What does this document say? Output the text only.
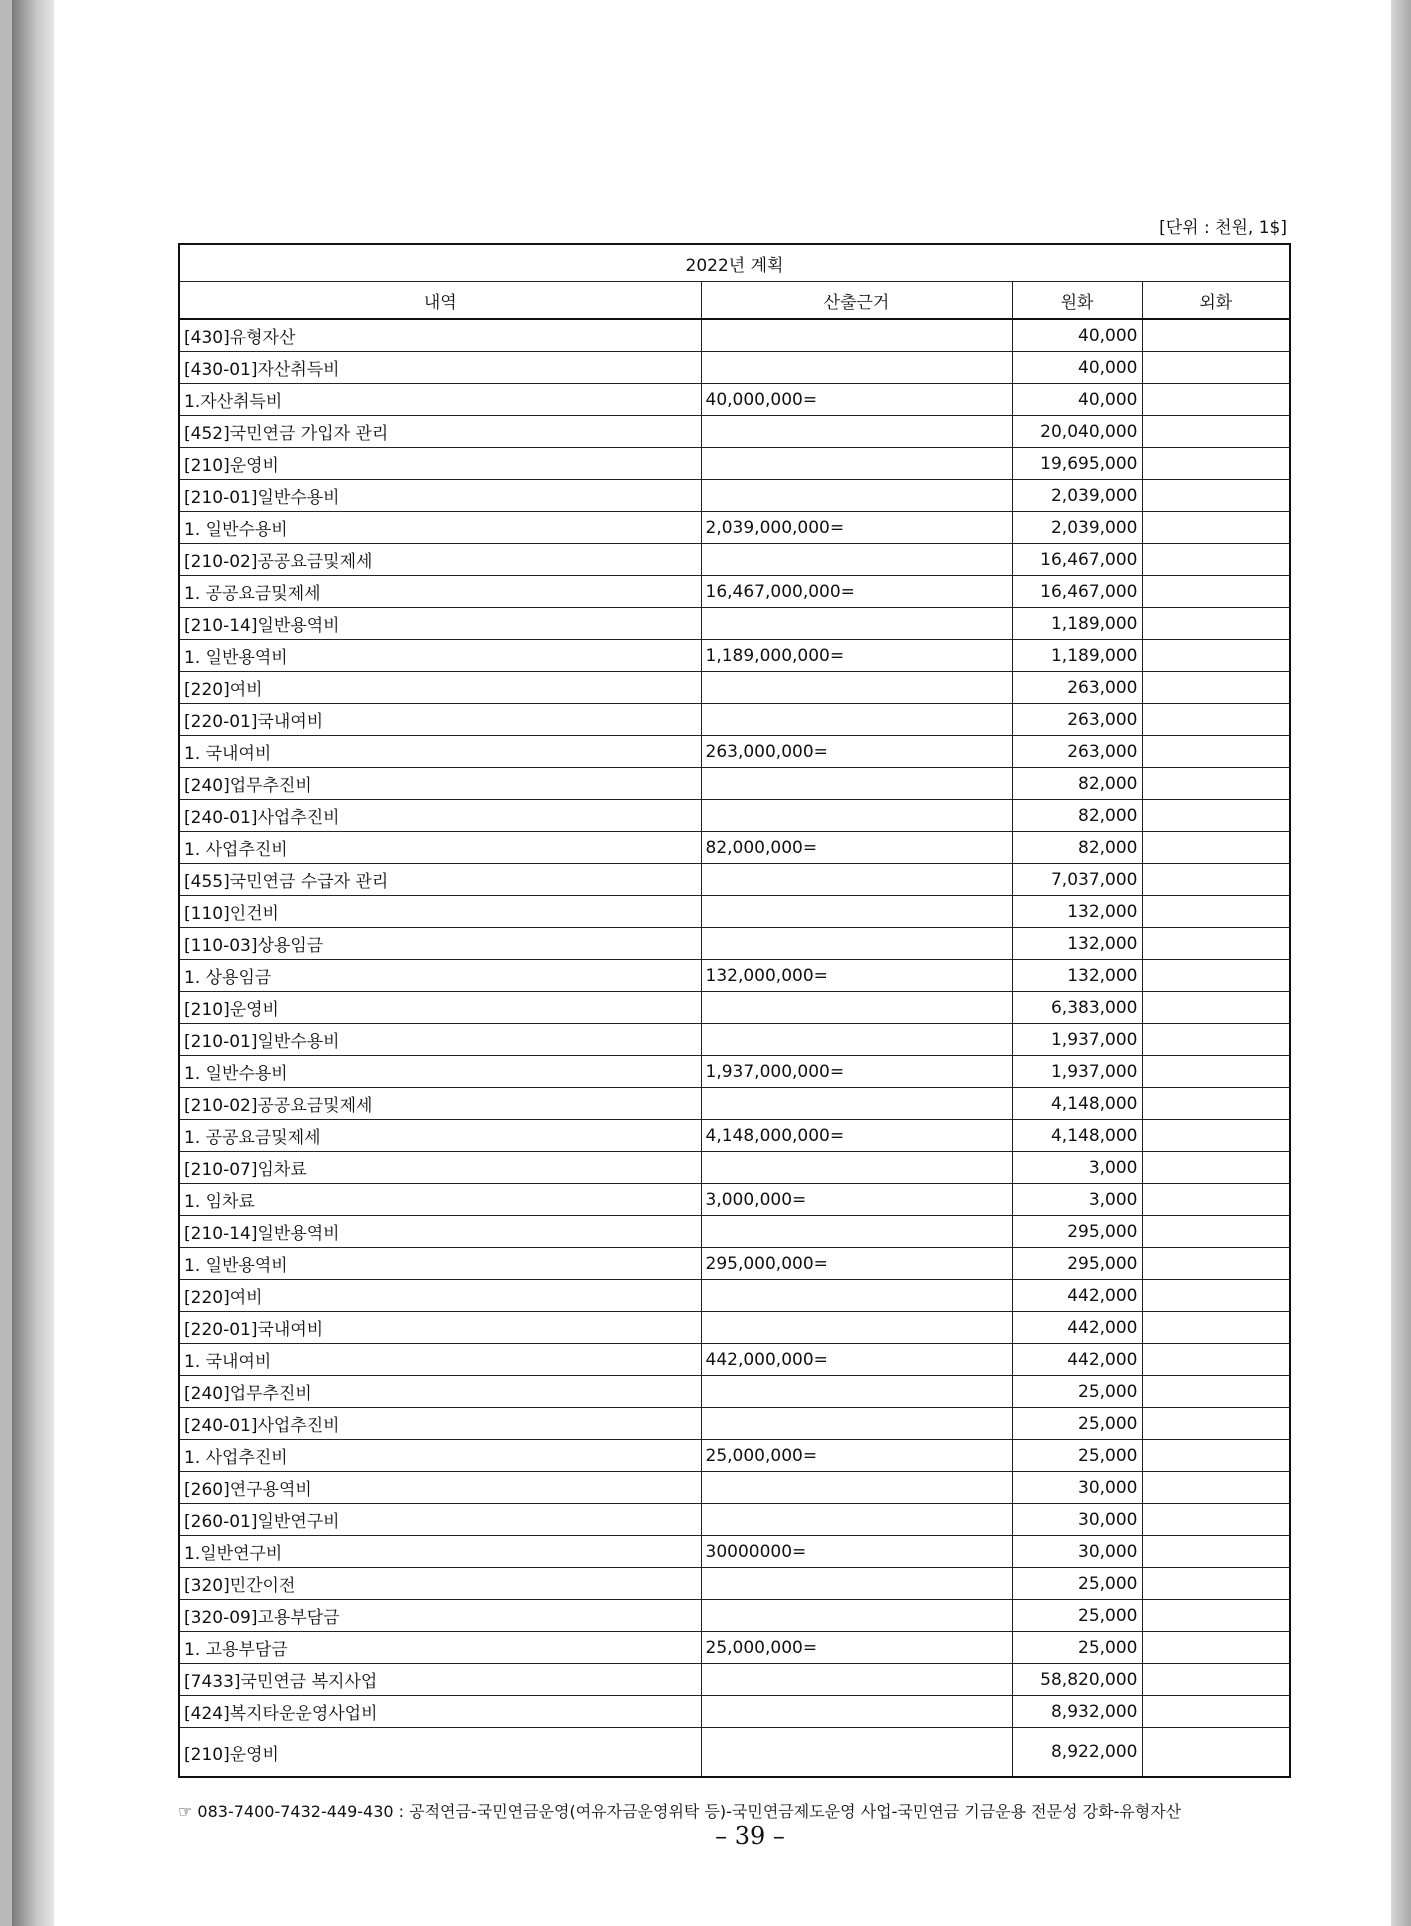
[단위 : 천원, 1$]
2022년 계획			
내역	산출근거	원화	외화
[430]유형자산		40,000	
[430-01]자산취득비		40,000	
1.자산취득비	40,000,000=	40,000	
[452]국민연금 가입자 관리		20,040,000	
[210]운영비		19,695,000	
[210-01]일반수용비		2,039,000	
1. 일반수용비	2,039,000,000=	2,039,000	
[210-02]공공요금및제세		16,467,000	
1. 공공요금및제세	16,467,000,000=	16,467,000	
[210-14]일반용역비		1,189,000	
1. 일반용역비	1,189,000,000=	1,189,000	
[220]여비		263,000	
[220-01]국내여비		263,000	
1. 국내여비	263,000,000=	263,000	
[240]업무추진비		82,000	
[240-01]사업추진비		82,000	
1. 사업추진비	82,000,000=	82,000	
[455]국민연금 수급자 관리		7,037,000	
[110]인건비		132,000	
[110-03]상용임금		132,000	
1. 상용임금	132,000,000=	132,000	
[210]운영비		6,383,000	
[210-01]일반수용비		1,937,000	
1. 일반수용비	1,937,000,000=	1,937,000	
[210-02]공공요금및제세		4,148,000	
1. 공공요금및제세	4,148,000,000=	4,148,000	
[210-07]임차료		3,000	
1. 임차료	3,000,000=	3,000	
[210-14]일반용역비		295,000	
1. 일반용역비	295,000,000=	295,000	
[220]여비		442,000	
[220-01]국내여비		442,000	
1. 국내여비	442,000,000=	442,000	
[240]업무추진비		25,000	
[240-01]사업추진비		25,000	
1. 사업추진비	25,000,000=	25,000	
[260]연구용역비		30,000	
[260-01]일반연구비		30,000	
1.일반연구비	30000000=	30,000	
[320]민간이전		25,000	
[320-09]고용부담금		25,000	
1. 고용부담금	25,000,000=	25,000	
[7433]국민연금 복지사업		58,820,000	
[424]복지타운운영사업비		8,932,000	
[210]운영비		8,922,000	
☞ 083-7400-7432-449-430 : 공적연금-국민연금운영(여유자금운영위탁 등)-국민연금제도운영 사업-국민연금 기금운용 전문성 강화-유형자산
– 39 –
